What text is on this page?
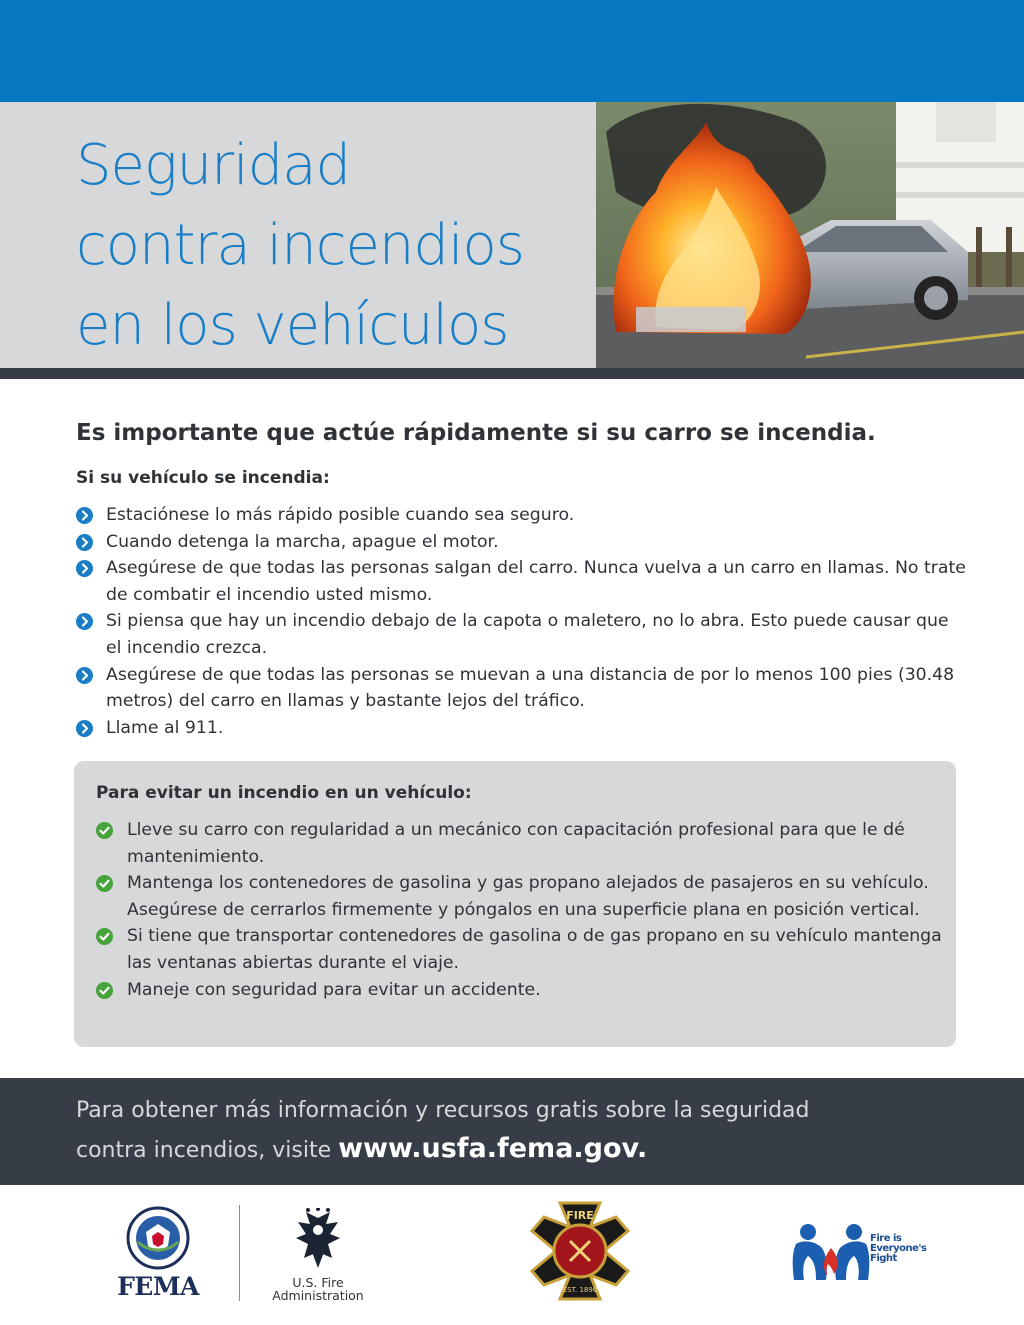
Seguridad
contra incendios
en los vehículos
Es importante que actúe rápidamente si su carro se incendia.
Si su vehículo se incendia:
Estaciónese lo más rápido posible cuando sea seguro.
Cuando detenga la marcha, apague el motor.
Asegúrese de que todas las personas salgan del carro. Nunca vuelva a un carro en llamas. No trate de combatir el incendio usted mismo.
Si piensa que hay un incendio debajo de la capota o maletero, no lo abra. Esto puede causar que el incendio crezca.
Asegúrese de que todas las personas se muevan a una distancia de por lo menos 100 pies (30.48 metros) del carro en llamas y bastante lejos del tráfico.
Llame al 911.
Para evitar un incendio en un vehículo:
Lleve su carro con regularidad a un mecánico con capacitación profesional para que le dé mantenimiento.
Mantenga los contenedores de gasolina y gas propano alejados de pasajeros en su vehículo. Asegúrese de cerrarlos firmemente y póngalos en una superficie plana en posición vertical.
Si tiene que transportar contenedores de gasolina o de gas propano en su vehículo mantenga las ventanas abiertas durante el viaje.
Maneje con seguridad para evitar un accidente.

Para obtener más información y recursos gratis sobre la seguridad
contra incendios, visite www.usfa.fema.gov.

FEMA	U.S. Fire
Administration
FIRE
EST. 1890
Fire is
Everyone's
Fight
